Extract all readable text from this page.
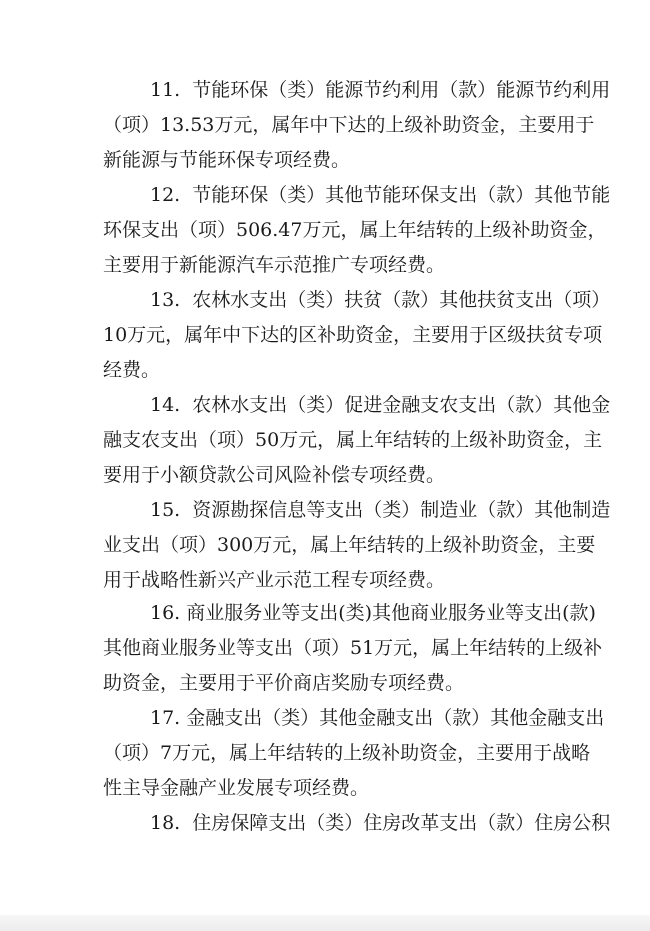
11.  节能环保（类）能源节约利用（款）能源节约利用
（项）13.53万元，属年中下达的上级补助资金，主要用于
新能源与节能环保专项经费。
12.  节能环保（类）其他节能环保支出（款）其他节能
环保支出（项）506.47万元，属上年结转的上级补助资金，
主要用于新能源汽车示范推广专项经费。
13.  农林水支出（类）扶贫（款）其他扶贫支出（项）
10万元，属年中下达的区补助资金，主要用于区级扶贫专项
经费。
14.  农林水支出（类）促进金融支农支出（款）其他金
融支农支出（项）50万元，属上年结转的上级补助资金，主
要用于小额贷款公司风险补偿专项经费。
15.  资源勘探信息等支出（类）制造业（款）其他制造
业支出（项）300万元，属上年结转的上级补助资金，主要
用于战略性新兴产业示范工程专项经费。
16. 商业服务业等支出(类)其他商业服务业等支出(款)
其他商业服务业等支出（项）51万元，属上年结转的上级补
助资金，主要用于平价商店奖励专项经费。
17. 金融支出（类）其他金融支出（款）其他金融支出
（项）7万元，属上年结转的上级补助资金，主要用于战略
性主导金融产业发展专项经费。
18.  住房保障支出（类）住房改革支出（款）住房公积
